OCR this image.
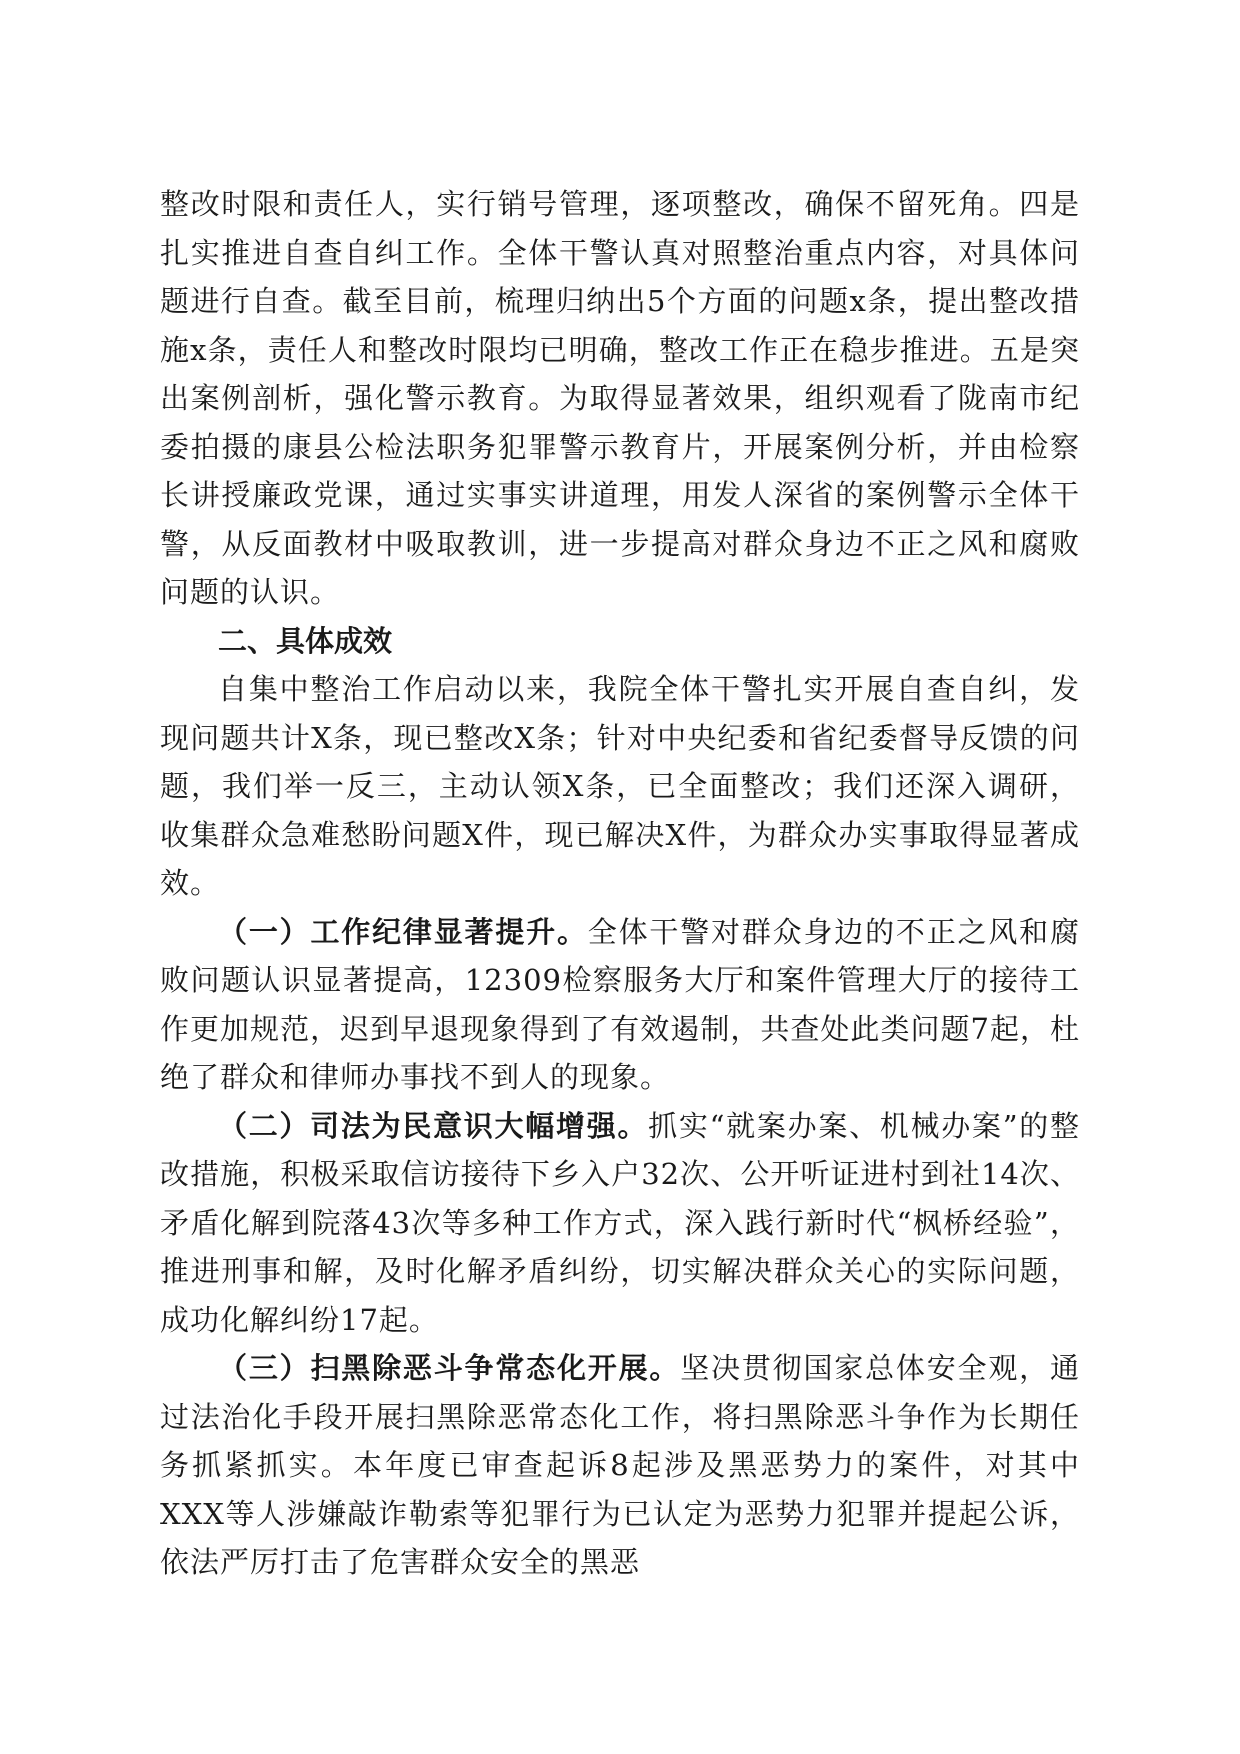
整改时限和责任人，实行销号管理，逐项整改，确保不留死角。四是扎实推进自查自纠工作。全体干警认真对照整治重点内容，对具体问题进行自查。截至目前，梳理归纳出5个方面的问题x条，提出整改措施x条，责任人和整改时限均已明确，整改工作正在稳步推进。五是突出案例剖析，强化警示教育。为取得显著效果，组织观看了陇南市纪委拍摄的康县公检法职务犯罪警示教育片，开展案例分析，并由检察长讲授廉政党课，通过实事实讲道理，用发人深省的案例警示全体干警，从反面教材中吸取教训，进一步提高对群众身边不正之风和腐败问题的认识。

二、具体成效

自集中整治工作启动以来，我院全体干警扎实开展自查自纠，发现问题共计X条，现已整改X条；针对中央纪委和省纪委督导反馈的问题，我们举一反三，主动认领X条，已全面整改；我们还深入调研，收集群众急难愁盼问题X件，现已解决X件，为群众办实事取得显著成效。

（一）工作纪律显著提升。全体干警对群众身边的不正之风和腐败问题认识显著提高，12309检察服务大厅和案件管理大厅的接待工作更加规范，迟到早退现象得到了有效遏制，共查处此类问题7起，杜绝了群众和律师办事找不到人的现象。

（二）司法为民意识大幅增强。抓实“就案办案、机械办案”的整改措施，积极采取信访接待下乡入户32次、公开听证进村到社14次、矛盾化解到院落43次等多种工作方式，深入践行新时代“枫桥经验”，推进刑事和解，及时化解矛盾纠纷，切实解决群众关心的实际问题，成功化解纠纷17起。

（三）扫黑除恶斗争常态化开展。坚决贯彻国家总体安全观，通过法治化手段开展扫黑除恶常态化工作，将扫黑除恶斗争作为长期任务抓紧抓实。本年度已审查起诉8起涉及黑恶势力的案件，对其中XXX等人涉嫌敲诈勒索等犯罪行为已认定为恶势力犯罪并提起公诉，依法严厉打击了危害群众安全的黑恶
